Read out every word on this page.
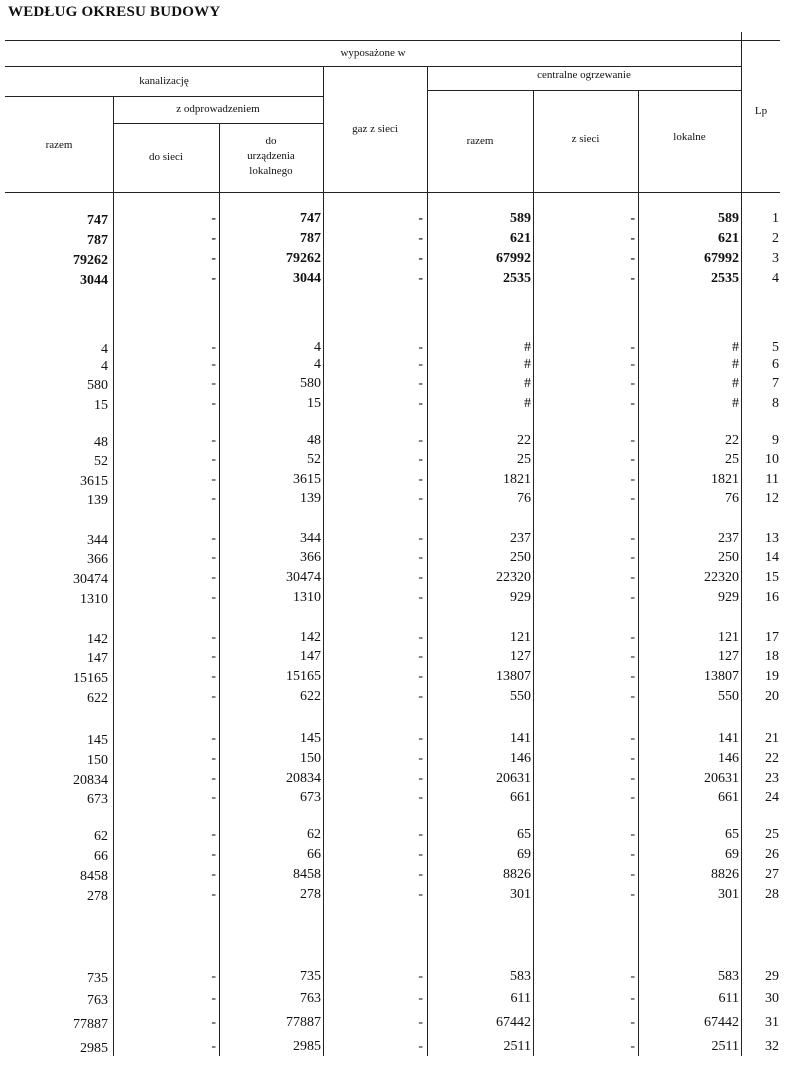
WEDŁUG OKRESU BUDOWY
wyposażone w
kanalizację
z odprowadzeniem
razem
do sieci
do
urządzenia
lokalnego
gaz z sieci
centralne ogrzewanie
razem	z sieci	lokalne
Lp
747	-	747	-	589	-	589	1
787	-	787	-	621	-	621	2
79262	-	79262	-	67992	-	67992	3
3044	-	3044	-	2535	-	2535	4
4	-	4	-	#	-	#	5
4	-	4	-	#	-	#	6
580	-	580	-	#	-	#	7
15	-	15	-	#	-	#	8
48	-	48	-	22	-	22	9
52	-	52	-	25	-	25	10
3615	-	3615	-	1821	-	1821	11
139	-	139	-	76	-	76	12
344	-	344	-	237	-	237	13
366	-	366	-	250	-	250	14
30474	-	30474	-	22320	-	22320	15
1310	-	1310	-	929	-	929	16
142	-	142	-	121	-	121	17
147	-	147	-	127	-	127	18
15165	-	15165	-	13807	-	13807	19
622	-	622	-	550	-	550	20
145	-	145	-	141	-	141	21
150	-	150	-	146	-	146	22
20834	-	20834	-	20631	-	20631	23
673	-	673	-	661	-	661	24
62	-	62	-	65	-	65	25
66	-	66	-	69	-	69	26
8458	-	8458	-	8826	-	8826	27
278	-	278	-	301	-	301	28
735	-	735	-	583	-	583	29
763	-	763	-	611	-	611	30
77887	-	77887	-	67442	-	67442	31
2985	-	2985	-	2511	-	2511	32
